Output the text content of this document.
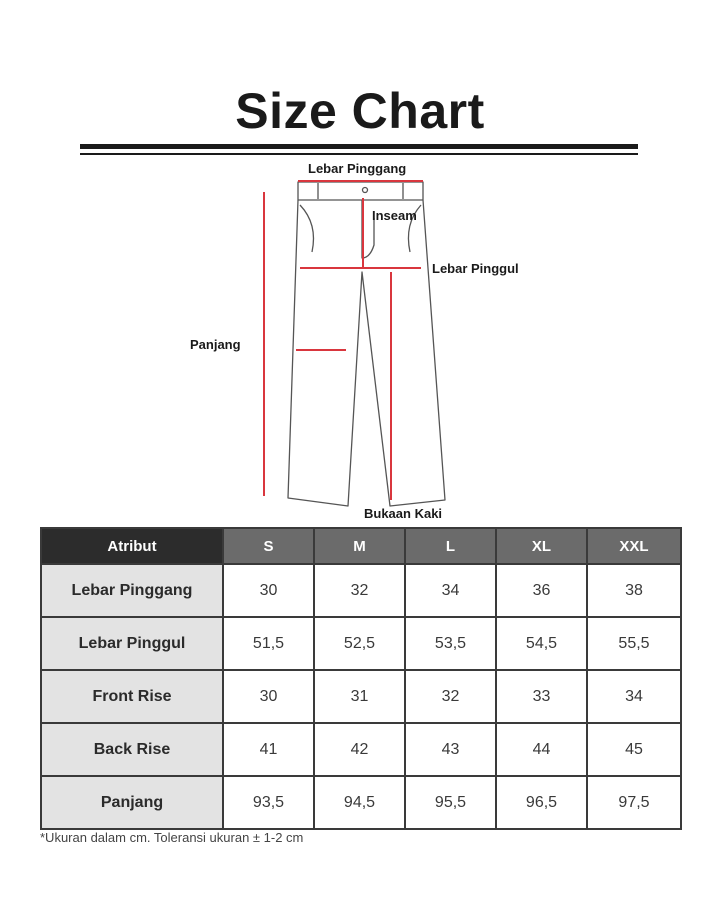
Size Chart
Lebar Pinggang
Inseam
Lebar Pinggul
Panjang
Bukaan Kaki
Atribut	S	M	L	XL	XXL
Lebar Pinggang	30	32	34	36	38
Lebar Pinggul	51,5	52,5	53,5	54,5	55,5
Front Rise	30	31	32	33	34
Back Rise	41	42	43	44	45
Panjang	93,5	94,5	95,5	96,5	97,5
*Ukuran dalam cm. Toleransi ukuran ± 1-2 cm
